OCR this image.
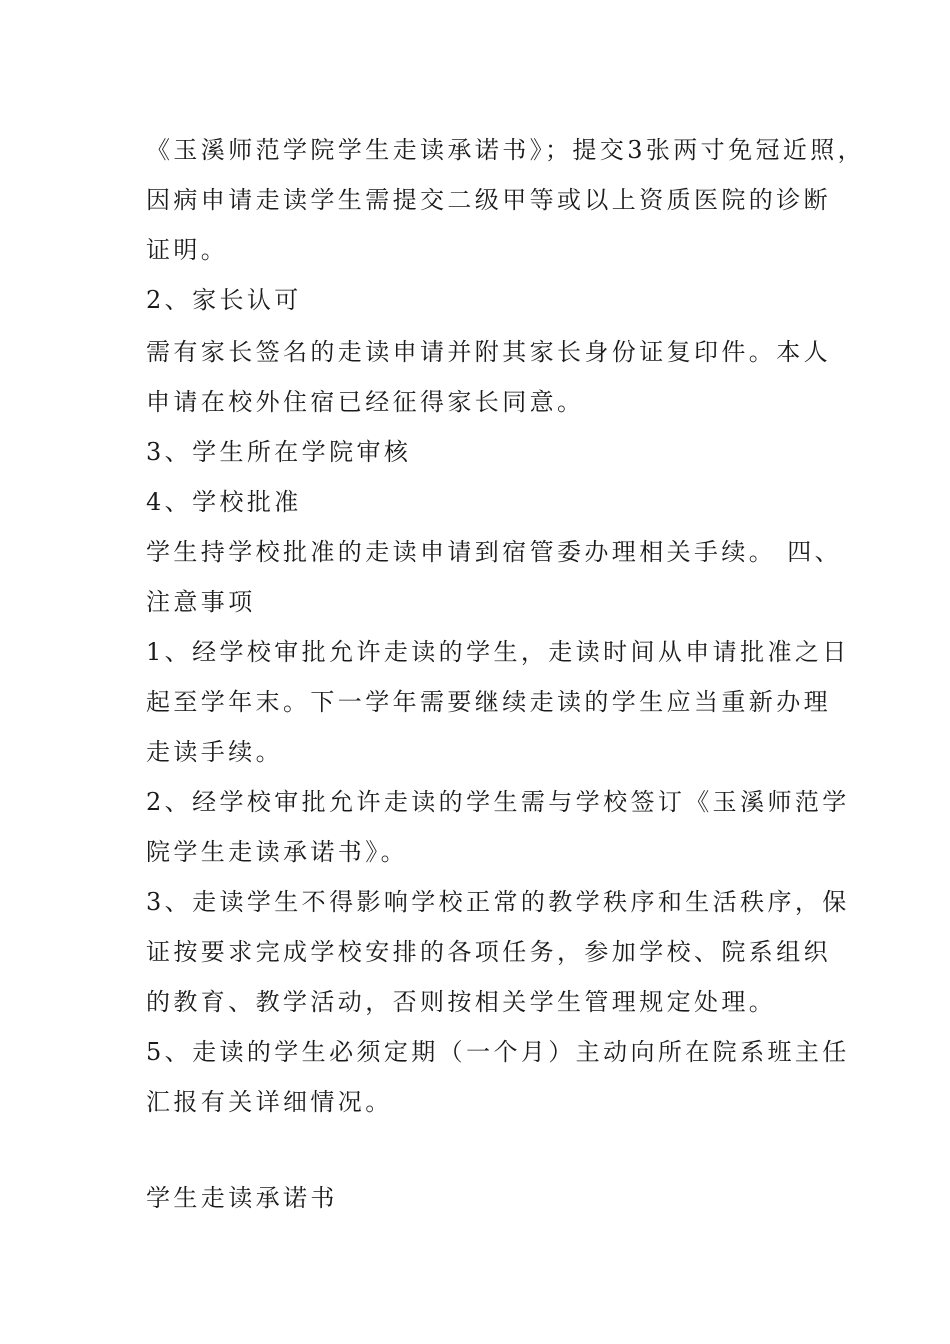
《玉溪师范学院学生走读承诺书》；提交3张两寸免冠近照，
因病申请走读学生需提交二级甲等或以上资质医院的诊断
证明。
2、家长认可
需有家长签名的走读申请并附其家长身份证复印件。本人
申请在校外住宿已经征得家长同意。
3、学生所在学院审核
4、学校批准
学生持学校批准的走读申请到宿管委办理相关手续。 四、
注意事项
1、经学校审批允许走读的学生，走读时间从申请批准之日
起至学年末。下一学年需要继续走读的学生应当重新办理
走读手续。
2、经学校审批允许走读的学生需与学校签订《玉溪师范学
院学生走读承诺书》。
3、走读学生不得影响学校正常的教学秩序和生活秩序，保
证按要求完成学校安排的各项任务，参加学校、院系组织
的教育、教学活动，否则按相关学生管理规定处理。
5、走读的学生必须定期（一个月）主动向所在院系班主任
汇报有关详细情况。
学生走读承诺书
